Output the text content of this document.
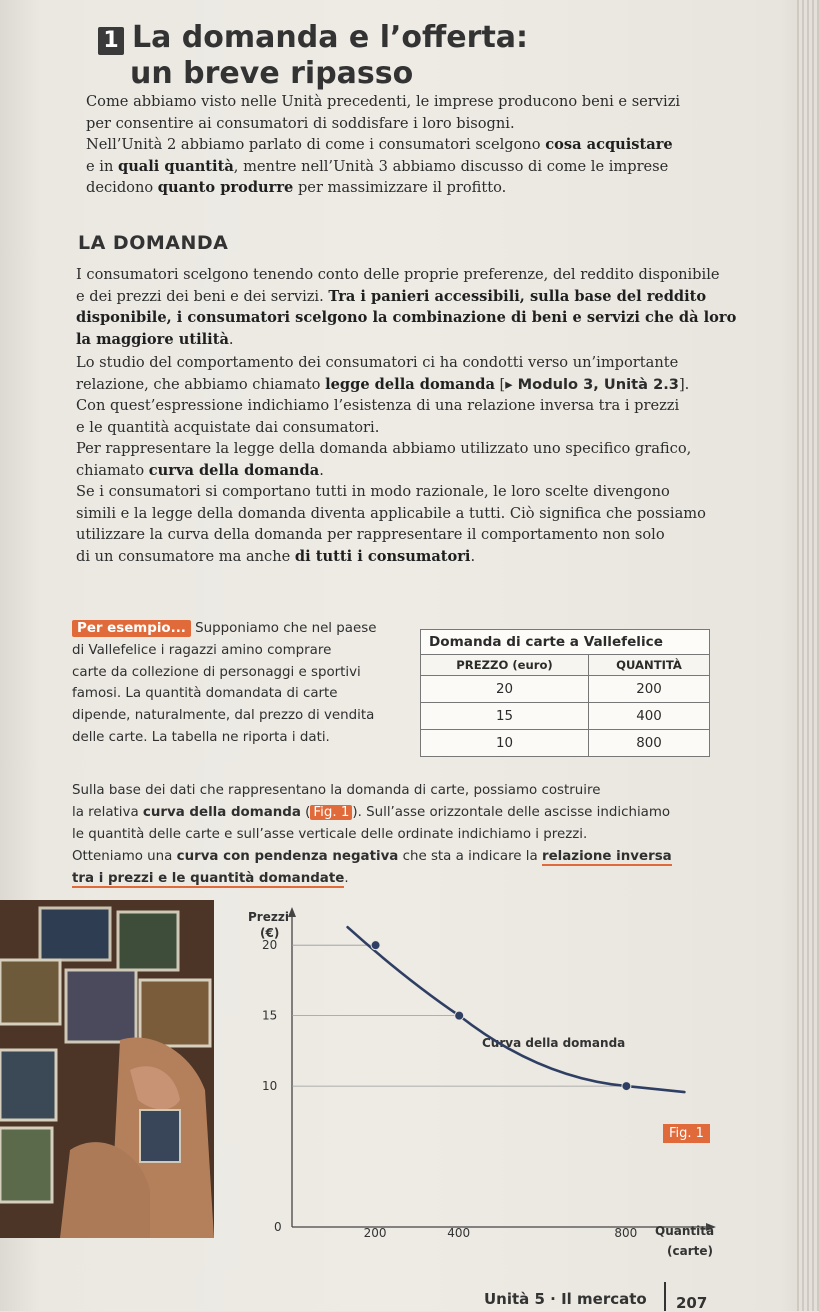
1 La domanda e l’offerta:
un breve ripasso
Come abbiamo visto nelle Unità precedenti, le imprese producono beni e servizi
per consentire ai consumatori di soddisfare i loro bisogni.
Nell’Unità 2 abbiamo parlato di come i consumatori scelgono cosa acquistare
e in quali quantità, mentre nell’Unità 3 abbiamo discusso di come le imprese
decidono quanto produrre per massimizzare il profitto.
LA DOMANDA
I consumatori scelgono tenendo conto delle proprie preferenze, del reddito disponibile
e dei prezzi dei beni e dei servizi. Tra i panieri accessibili, sulla base del reddito
disponibile, i consumatori scelgono la combinazione di beni e servizi che dà loro
la maggiore utilità.
Lo studio del comportamento dei consumatori ci ha condotti verso un’importante
relazione, che abbiamo chiamato legge della domanda [▸ Modulo 3, Unità 2.3].
Con quest’espressione indichiamo l’esistenza di una relazione inversa tra i prezzi
e le quantità acquistate dai consumatori.
Per rappresentare la legge della domanda abbiamo utilizzato uno specifico grafico,
chiamato curva della domanda.
Se i consumatori si comportano tutti in modo razionale, le loro scelte divengono
simili e la legge della domanda diventa applicabile a tutti. Ciò significa che possiamo
utilizzare la curva della domanda per rappresentare il comportamento non solo
di un consumatore ma anche di tutti i consumatori.
Per esempio... Supponiamo che nel paese
di Vallefelice i ragazzi amino comprare
carte da collezione di personaggi e sportivi
famosi. La quantità domandata di carte
dipende, naturalmente, dal prezzo di vendita
delle carte. La tabella ne riporta i dati.
Domanda di carte a Vallefelice	
PREZZO (euro)	QUANTITÀ
20	200
15	400
10	800
Sulla base dei dati che rappresentano la domanda di carte, possiamo costruire
la relativa curva della domanda ( Fig. 1 ). Sull’asse orizzontale delle ascisse indichiamo
le quantità delle carte e sull’asse verticale delle ordinate indichiamo i prezzi.
Otteniamo una curva con pendenza negativa che sta a indicare la relazione inversa
tra i prezzi e le quantità domandate.
Prezzi
(€)
Quantità
(carte)
Curva della domanda
20
15
10
0	200	400	800
Fig. 1
Unità 5 · Il mercato 207
